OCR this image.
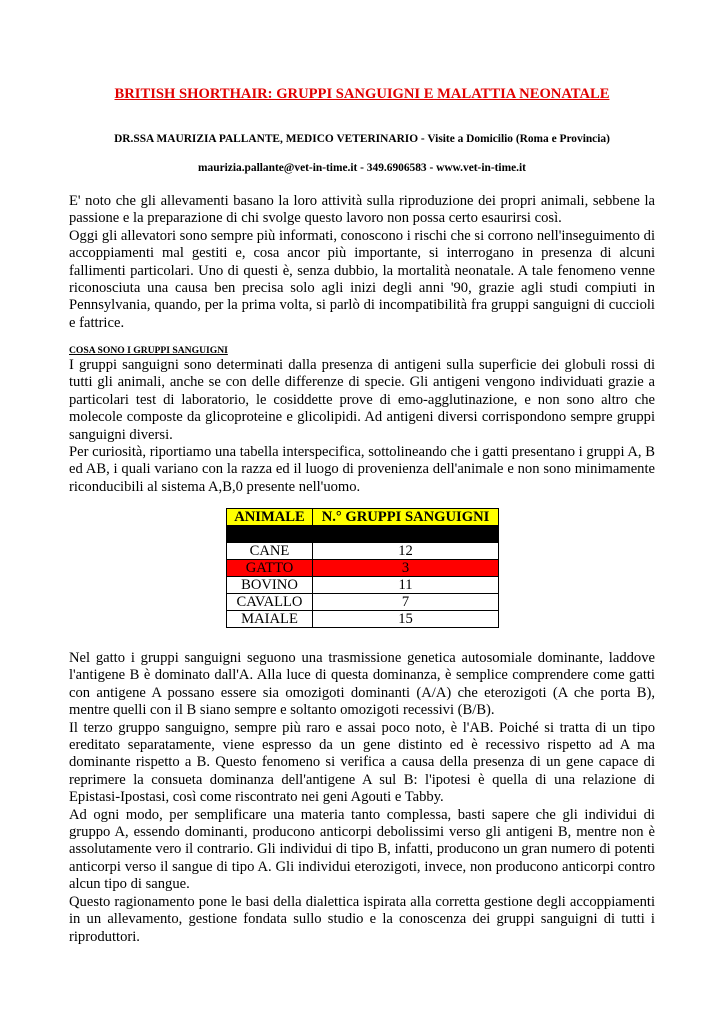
BRITISH SHORTHAIR: GRUPPI SANGUIGNI E MALATTIA NEONATALE
DR.SSA MAURIZIA PALLANTE, MEDICO VETERINARIO - Visite a Domicilio (Roma e Provincia)
maurizia.pallante@vet-in-time.it - 349.6906583 - www.vet-in-time.it

E' noto che gli allevamenti basano la loro attività sulla riproduzione dei propri animali, sebbene la passione e la preparazione di chi svolge questo lavoro non possa certo esaurirsi così.

Oggi gli allevatori sono sempre più informati, conoscono i rischi che si corrono nell'inseguimento di accoppiamenti mal gestiti e, cosa ancor più importante, si interrogano in presenza di alcuni fallimenti particolari. Uno di questi è, senza dubbio, la mortalità neonatale. A tale fenomeno venne riconosciuta una causa ben precisa solo agli inizi degli anni '90, grazie agli studi compiuti in Pennsylvania, quando, per la prima volta, si parlò di incompatibilità fra gruppi sanguigni di cuccioli e fattrice.

COSA SONO I GRUPPI SANGUIGNI

I gruppi sanguigni sono determinati dalla presenza di antigeni sulla superficie dei globuli rossi di tutti gli animali, anche se con delle differenze di specie. Gli antigeni vengono individuati grazie a particolari test di laboratorio, le cosiddette prove di emo-agglutinazione, e non sono altro che molecole composte da glicoproteine e glicolipidi. Ad antigeni diversi corrispondono sempre gruppi sanguigni diversi.

Per curiosità, riportiamo una tabella interspecifica, sottolineando che i gatti presentano i gruppi A, B ed AB, i quali variano con la razza ed il luogo di provenienza dell'animale e non sono minimamente riconducibili al sistema A,B,0 presente nell'uomo.

ANIMALE	N.° GRUPPI SANGUIGNI

CANE	12
GATTO	3
BOVINO	11
CAVALLO	7
MAIALE	15

Nel gatto i gruppi sanguigni seguono una trasmissione genetica autosomiale dominante, laddove l'antigene B è dominato dall'A. Alla luce di questa dominanza, è semplice comprendere come gatti con antigene A possano essere sia omozigoti dominanti (A/A) che eterozigoti (A che porta B), mentre quelli con il B siano sempre e soltanto omozigoti recessivi (B/B).

Il terzo gruppo sanguigno, sempre più raro e assai poco noto, è l'AB. Poiché si tratta di un tipo ereditato separatamente, viene espresso da un gene distinto ed è recessivo rispetto ad A ma dominante rispetto a B. Questo fenomeno si verifica a causa della presenza di un gene capace di reprimere la consueta dominanza dell'antigene A sul B: l'ipotesi è quella di una relazione di Epistasi-Ipostasi, così come riscontrato nei geni Agouti e Tabby.

Ad ogni modo, per semplificare una materia tanto complessa, basti sapere che gli individui di gruppo A, essendo dominanti, producono anticorpi debolissimi verso gli antigeni B, mentre non è assolutamente vero il contrario. Gli individui di tipo B, infatti, producono un gran numero di potenti anticorpi verso il sangue di tipo A. Gli individui eterozigoti, invece, non producono anticorpi contro alcun tipo di sangue.

Questo ragionamento pone le basi della dialettica ispirata alla corretta gestione degli accoppiamenti in un allevamento, gestione fondata sullo studio e la conoscenza dei gruppi sanguigni di tutti i riproduttori.
